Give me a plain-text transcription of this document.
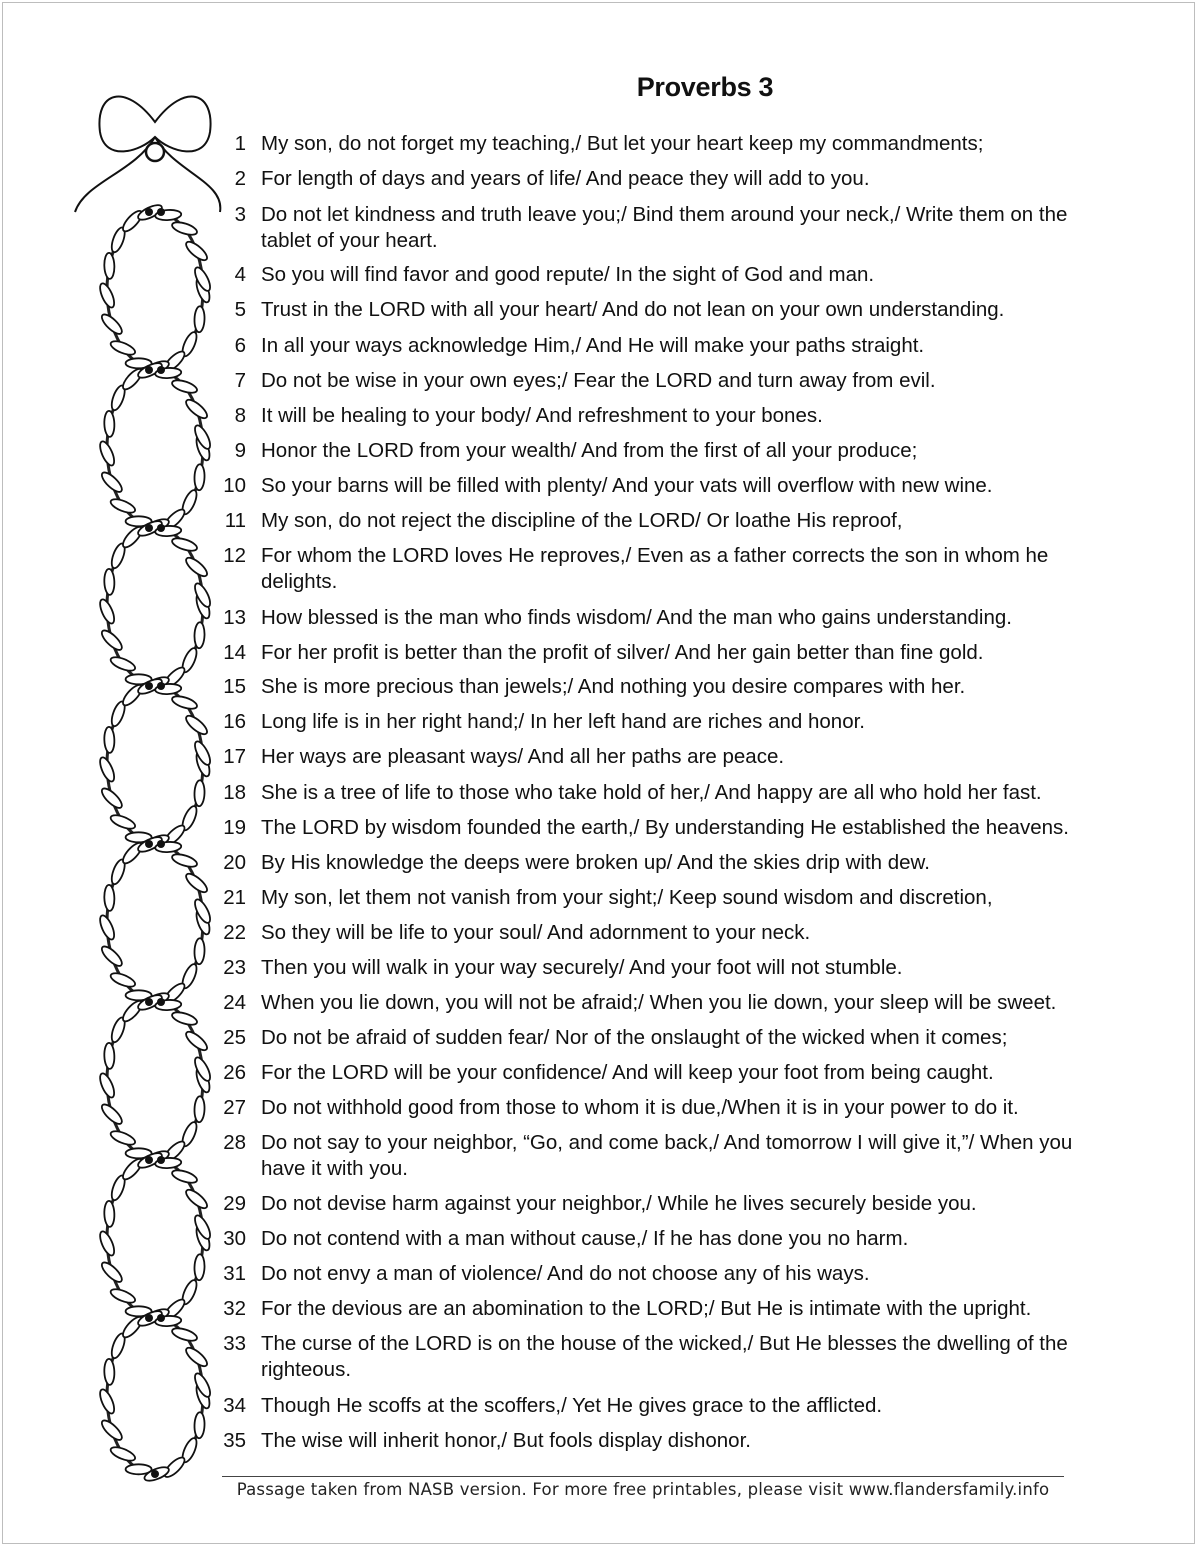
Proverbs 3
1 My son, do not forget my teaching,/ But let your heart keep my commandments;
2 For length of days and years of life/ And peace they will add to you.
3 Do not let kindness and truth leave you;/ Bind them around your neck,/ Write them on the tablet of your heart.
4 So you will find favor and good repute/ In the sight of God and man.
5 Trust in the LORD with all your heart/ And do not lean on your own understanding.
6 In all your ways acknowledge Him,/ And He will make your paths straight.
7 Do not be wise in your own eyes;/ Fear the LORD and turn away from evil.
8 It will be healing to your body/ And refreshment to your bones.
9 Honor the LORD from your wealth/ And from the first of all your produce;
10 So your barns will be filled with plenty/ And your vats will overflow with new wine.
11 My son, do not reject the discipline of the LORD/ Or loathe His reproof,
12 For whom the LORD loves He reproves,/ Even as a father corrects the son in whom he delights.
13 How blessed is the man who finds wisdom/ And the man who gains understanding.
14 For her profit is better than the profit of silver/ And her gain better than fine gold.
15 She is more precious than jewels;/ And nothing you desire compares with her.
16 Long life is in her right hand;/ In her left hand are riches and honor.
17 Her ways are pleasant ways/ And all her paths are peace.
18 She is a tree of life to those who take hold of her,/ And happy are all who hold her fast.
19 The LORD by wisdom founded the earth,/ By understanding He established the heavens.
20 By His knowledge the deeps were broken up/ And the skies drip with dew.
21 My son, let them not vanish from your sight;/ Keep sound wisdom and discretion,
22 So they will be life to your soul/ And adornment to your neck.
23 Then you will walk in your way securely/ And your foot will not stumble.
24 When you lie down, you will not be afraid;/ When you lie down, your sleep will be sweet.
25 Do not be afraid of sudden fear/ Nor of the onslaught of the wicked when it comes;
26 For the LORD will be your confidence/ And will keep your foot from being caught.
27 Do not withhold good from those to whom it is due,/When it is in your power to do it.
28 Do not say to your neighbor, “Go, and come back,/ And tomorrow I will give it,”/ When you have it with you.
29 Do not devise harm against your neighbor,/ While he lives securely beside you.
30 Do not contend with a man without cause,/ If he has done you no harm.
31 Do not envy a man of violence/ And do not choose any of his ways.
32 For the devious are an abomination to the LORD;/ But He is intimate with the upright.
33 The curse of the LORD is on the house of the wicked,/ But He blesses the dwelling of the righteous.
34 Though He scoffs at the scoffers,/ Yet He gives grace to the afflicted.
35 The wise will inherit honor,/ But fools display dishonor.
Passage taken from NASB version. For more free printables, please visit www.flandersfamily.info
